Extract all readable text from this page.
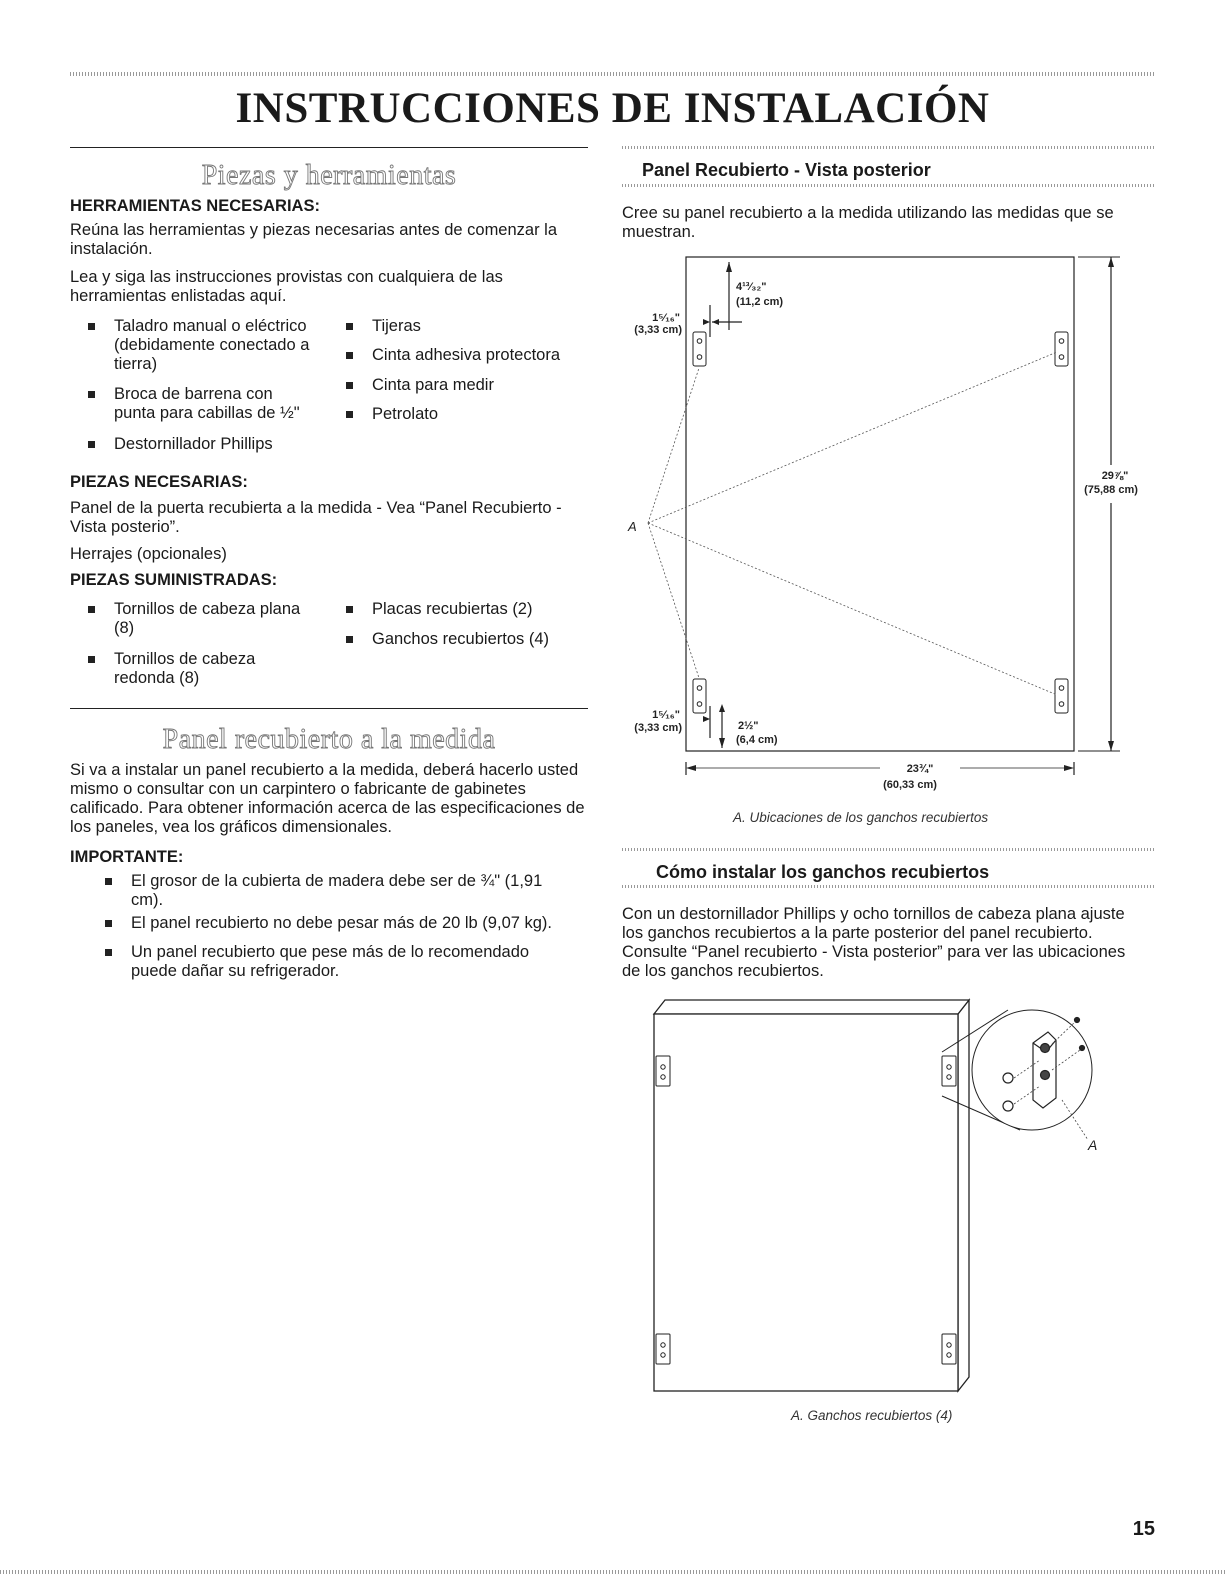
INSTRUCCIONES DE INSTALACIÓN
Piezas y herramientas
HERRAMIENTAS NECESARIAS:
Reúna las herramientas y piezas necesarias antes de comenzar la instalación.
Lea y siga las instrucciones provistas con cualquiera de las herramientas enlistadas aquí.
Taladro manual o eléctrico (debidamente conectado a tierra)
Broca de barrena con punta para cabillas de ½"
Destornillador Phillips
Tijeras
Cinta adhesiva protectora
Cinta para medir
Petrolato
PIEZAS NECESARIAS:
Panel de la puerta recubierta a la medida - Vea “Panel Recubierto - Vista posterio”.
Herrajes (opcionales)
PIEZAS SUMINISTRADAS:
Tornillos de cabeza plana (8)
Tornillos de cabeza redonda (8)
Placas recubiertas (2)
Ganchos recubiertos (4)
Panel recubierto a la medida
Si va a instalar un panel recubierto a la medida, deberá hacerlo usted mismo o consultar con un carpintero o fabricante de gabinetes calificado. Para obtener información acerca de las especificaciones de los paneles, vea los gráficos dimensionales.
IMPORTANTE:
El grosor de la cubierta de madera debe ser de ¾" (1,91 cm).
El panel recubierto no debe pesar más de 20 lb (9,07 kg).
Un panel recubierto que pese más de lo recomendado puede dañar su refrigerador.
Panel Recubierto - Vista posterior
Cree su panel recubierto a la medida utilizando las medidas que se muestran.
4¹³⁄₃₂"
(11,2 cm)
1⁵⁄₁₆"
(3,33 cm)
29⅞"
(75,88 cm)
1⁵⁄₁₆"
(3,33 cm)	2½"
(6,4 cm)
23¾"
(60,33 cm)
A
A. Ubicaciones de los ganchos recubiertos
Cómo instalar los ganchos recubiertos
Con un destornillador Phillips y ocho tornillos de cabeza plana ajuste los ganchos recubiertos a la parte posterior del panel recubierto. Consulte “Panel recubierto - Vista posterior” para ver las ubicaciones de los ganchos recubiertos.
A
A. Ganchos recubiertos (4)
15
